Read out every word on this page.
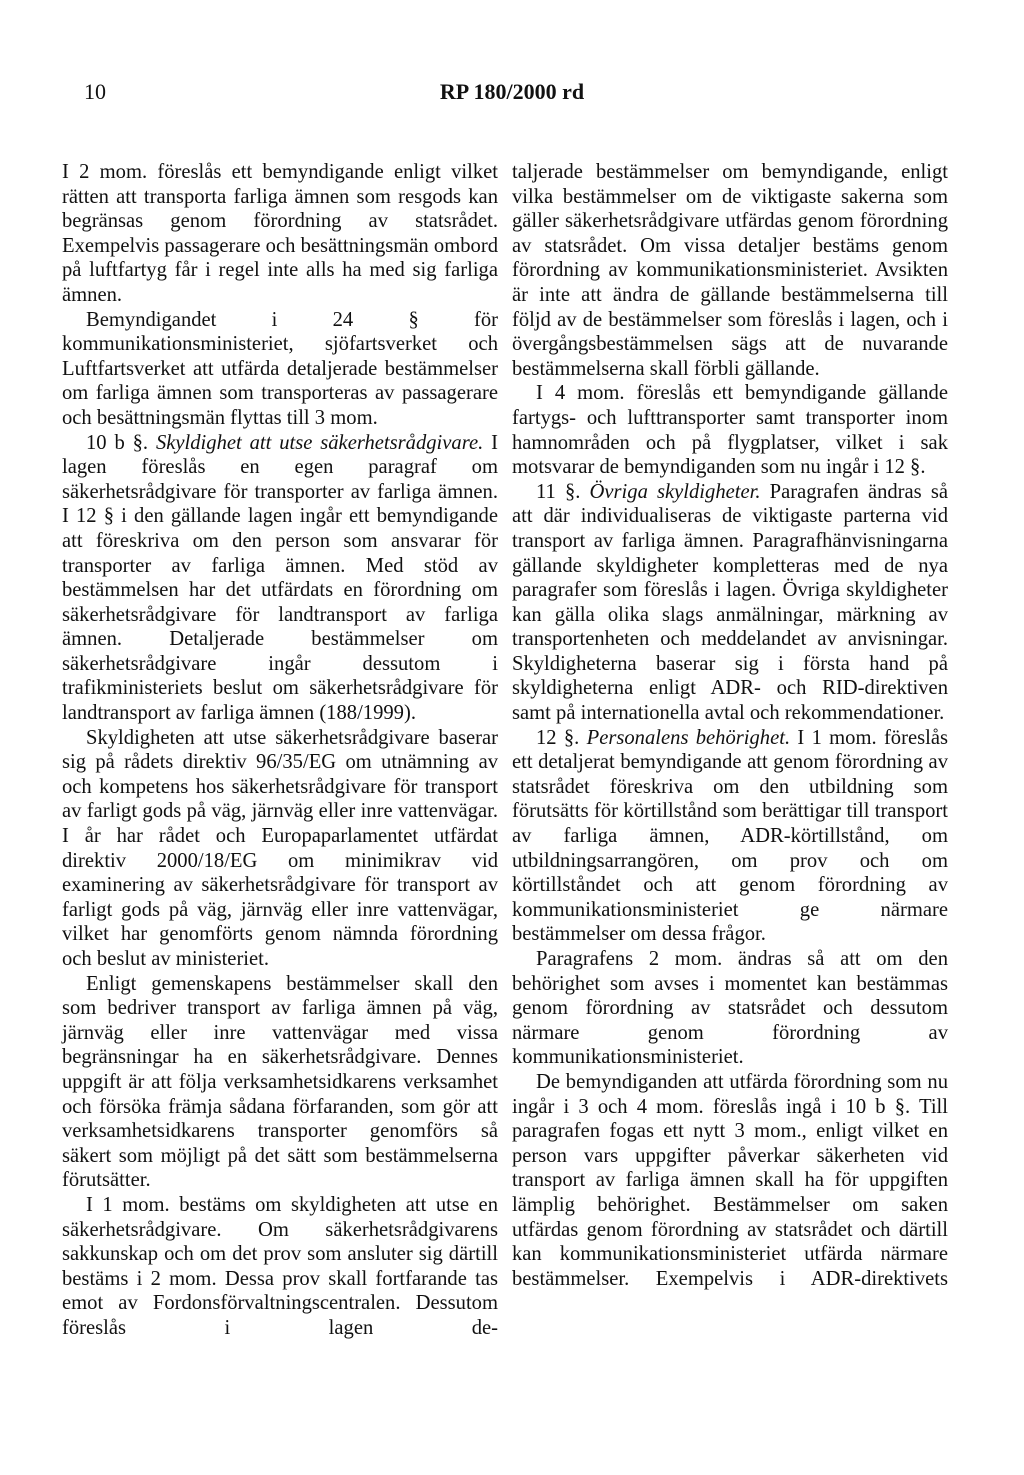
10	RP 180/2000 rd

I 2 mom. föreslås ett bemyndigande enligt vilket rätten att transporta farliga ämnen som resgods kan begränsas genom förordning av statsrådet. Exempelvis passagerare och besättningsmän ombord på luftfartyg får i regel inte alls ha med sig farliga ämnen.

Bemyndigandet i 24 § för kommunikationsministeriet, sjöfartsverket och Luftfartsverket att utfärda detaljerade bestämmelser om farliga ämnen som transporteras av passagerare och besättningsmän flyttas till 3 mom.

10 b §. Skyldighet att utse säkerhetsrådgivare. I lagen föreslås en egen paragraf om säkerhetsrådgivare för transporter av farliga ämnen. I 12 § i den gällande lagen ingår ett bemyndigande att föreskriva om den person som ansvarar för transporter av farliga ämnen. Med stöd av bestämmelsen har det utfärdats en förordning om säkerhetsrådgivare för landtransport av farliga ämnen. Detaljerade bestämmelser om säkerhetsrådgivare ingår dessutom i trafikministeriets beslut om säkerhetsrådgivare för landtransport av farliga ämnen (188/1999).

Skyldigheten att utse säkerhetsrådgivare baserar sig på rådets direktiv 96/35/EG om utnämning av och kompetens hos säkerhetsrådgivare för transport av farligt gods på väg, järnväg eller inre vattenvägar. I år har rådet och Europaparlamentet utfärdat direktiv 2000/18/EG om minimikrav vid examinering av säkerhetsrådgivare för transport av farligt gods på väg, järnväg eller inre vattenvägar, vilket har genomförts genom nämnda förordning och beslut av ministeriet.

Enligt gemenskapens bestämmelser skall den som bedriver transport av farliga ämnen på väg, järnväg eller inre vattenvägar med vissa begränsningar ha en säkerhetsrådgivare. Dennes uppgift är att följa verksamhetsidkarens verksamhet och försöka främja sådana förfaranden, som gör att verksamhetsidkarens transporter genomförs så säkert som möjligt på det sätt som bestämmelserna förutsätter.

I 1 mom. bestäms om skyldigheten att utse en säkerhetsrådgivare. Om säkerhetsrådgivarens sakkunskap och om det prov som ansluter sig därtill bestäms i 2 mom. Dessa prov skall fortfarande tas emot av Fordonsförvaltningscentralen. Dessutom föreslås i lagen de-

taljerade bestämmelser om bemyndigande, enligt vilka bestämmelser om de viktigaste sakerna som gäller säkerhetsrådgivare utfärdas genom förordning av statsrådet. Om vissa detaljer bestäms genom förordning av kommunikationsministeriet. Avsikten är inte att ändra de gällande bestämmelserna till följd av de bestämmelser som föreslås i lagen, och i övergångsbestämmelsen sägs att de nuvarande bestämmelserna skall förbli gällande.

I 4 mom. föreslås ett bemyndigande gällande fartygs- och lufttransporter samt transporter inom hamnområden och på flygplatser, vilket i sak motsvarar de bemyndiganden som nu ingår i 12 §.

11 §. Övriga skyldigheter. Paragrafen ändras så att där individualiseras de viktigaste parterna vid transport av farliga ämnen. Paragrafhänvisningarna gällande skyldigheter kompletteras med de nya paragrafer som föreslås i lagen. Övriga skyldigheter kan gälla olika slags anmälningar, märkning av transportenheten och meddelandet av anvisningar. Skyldigheterna baserar sig i första hand på skyldigheterna enligt ADR- och RID-direktiven samt på internationella avtal och rekommendationer.

12 §. Personalens behörighet. I 1 mom. föreslås ett detaljerat bemyndigande att genom förordning av statsrådet föreskriva om den utbildning som förutsätts för körtillstånd som berättigar till transport av farliga ämnen, ADR-körtillstånd, om utbildningsarrangören, om prov och om körtillståndet och att genom förordning av kommunikationsministeriet ge närmare bestämmelser om dessa frågor.

Paragrafens 2 mom. ändras så att om den behörighet som avses i momentet kan bestämmas genom förordning av statsrådet och dessutom närmare genom förordning av kommunikationsministeriet.

De bemyndiganden att utfärda förordning som nu ingår i 3 och 4 mom. föreslås ingå i 10 b §. Till paragrafen fogas ett nytt 3 mom., enligt vilket en person vars uppgifter påverkar säkerheten vid transport av farliga ämnen skall ha för uppgiften lämplig behörighet. Bestämmelser om saken utfärdas genom förordning av statsrådet och därtill kan kommunikationsministeriet utfärda närmare bestämmelser. Exempelvis i ADR-direktivets
